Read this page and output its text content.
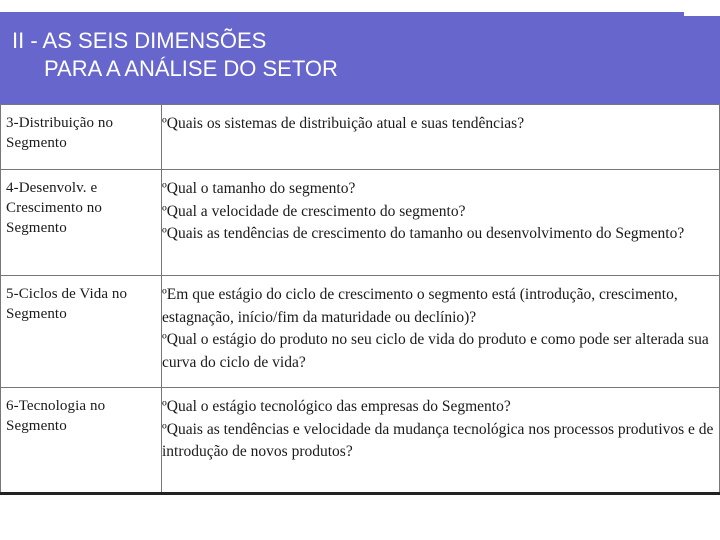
II - AS SEIS DIMENSÕES
PARA A ANÁLISE DO SETOR
3-Distribuição no Segmento	ºQuais os sistemas de distribuição atual e suas tendências?

4-Desenvolv. e Crescimento no Segmento	ºQual o tamanho do segmento?
ºQual a velocidade de crescimento do segmento?
ºQuais as tendências de crescimento do tamanho ou desenvolvimento do Segmento?

5-Ciclos de Vida no Segmento	ºEm que estágio do ciclo de crescimento o segmento está (introdução, crescimento, estagnação, início/fim da maturidade ou declínio)?
ºQual o estágio do produto no seu ciclo de vida do produto e como pode ser alterada sua curva do ciclo de vida?

6-Tecnologia no Segmento	ºQual o estágio tecnológico das empresas do Segmento?
ºQuais as tendências e velocidade da mudança tecnológica nos processos produtivos e de introdução de novos produtos?
